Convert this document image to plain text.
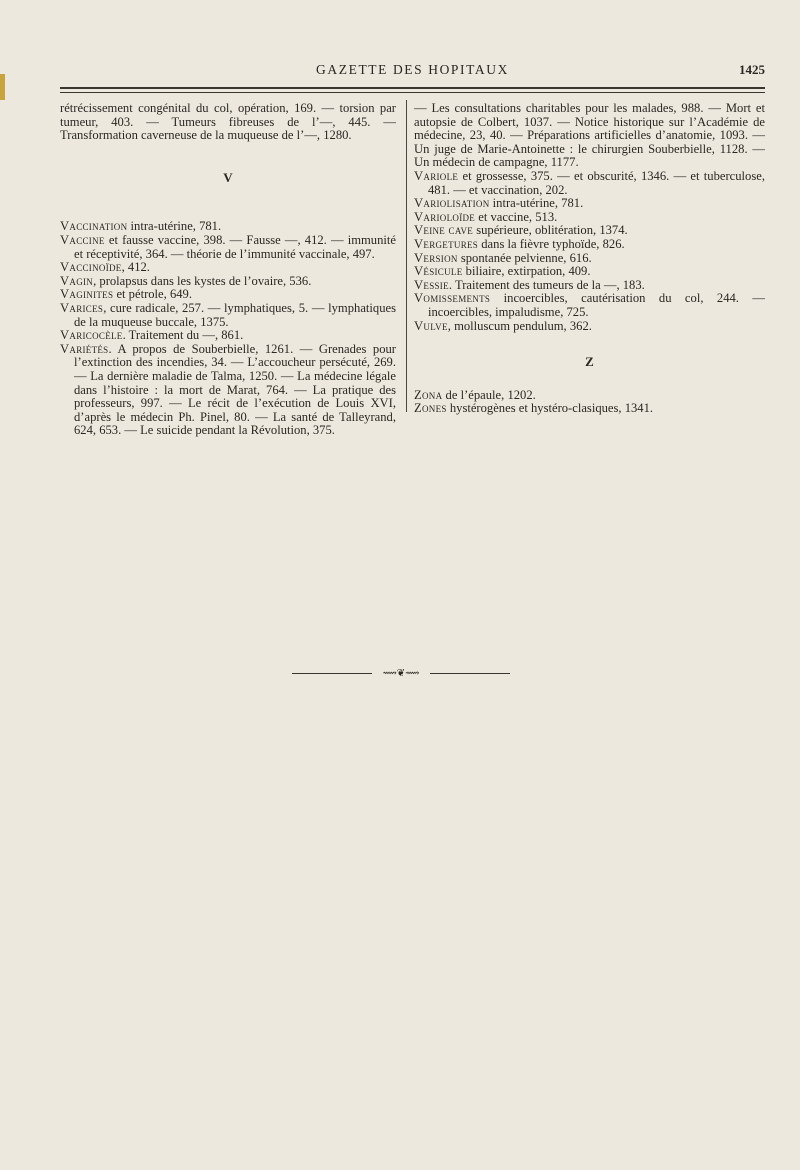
GAZETTE DES HOPITAUX	1425

rétrécissement congénital du col, opération, 169. — torsion par tumeur, 403. — Tumeurs fibreuses de l’—, 445. — Transformation caverneuse de la muqueuse de l’—, 1280.

V

Vaccination intra-utérine, 781.

Vaccine et fausse vaccine, 398. — Fausse —, 412. — immunité et réceptivité, 364. — théorie de l’immunité vaccinale, 497.

Vaccinoïde, 412.

Vagin, prolapsus dans les kystes de l’ovaire, 536.

Vaginites et pétrole, 649.

Varices, cure radicale, 257. — lymphatiques, 5. — lymphatiques de la muqueuse buccale, 1375.

Varicocèle. Traitement du —, 861.

Variétés. A propos de Souberbielle, 1261. — Grenades pour l’extinction des incendies, 34. — L’accoucheur persécuté, 269. — La dernière maladie de Talma, 1250. — La médecine légale dans l’histoire : la mort de Marat, 764. — La pratique des professeurs, 997. — Le récit de l’exécution de Louis XVI, d’après le médecin Ph. Pinel, 80. — La santé de Talleyrand, 624, 653. — Le suicide pendant la Révolution, 375.

— Les consultations charitables pour les malades, 988. — Mort et autopsie de Colbert, 1037. — Notice historique sur l’Académie de médecine, 23, 40. — Préparations artificielles d’anatomie, 1093. — Un juge de Marie-Antoinette : le chirurgien Souberbielle, 1128. — Un médecin de campagne, 1177.

Variole et grossesse, 375. — et obscurité, 1346. — et tuberculose, 481. — et vaccination, 202.

Variolisation intra-utérine, 781.

Varioloïde et vaccine, 513.

Veine cave supérieure, oblitération, 1374.

Vergetures dans la fièvre typhoïde, 826.

Version spontanée pelvienne, 616.

Vésicule biliaire, extirpation, 409.

Vessie. Traitement des tumeurs de la —, 183.

Vomissements incoercibles, cautérisation du col, 244. — incoercibles, impaludisme, 725.

Vulve, molluscum pendulum, 362.

Z

Zona de l’épaule, 1202.

Zones hystérogènes et hystéro-clasiques, 1341.

⟿❦⟿
